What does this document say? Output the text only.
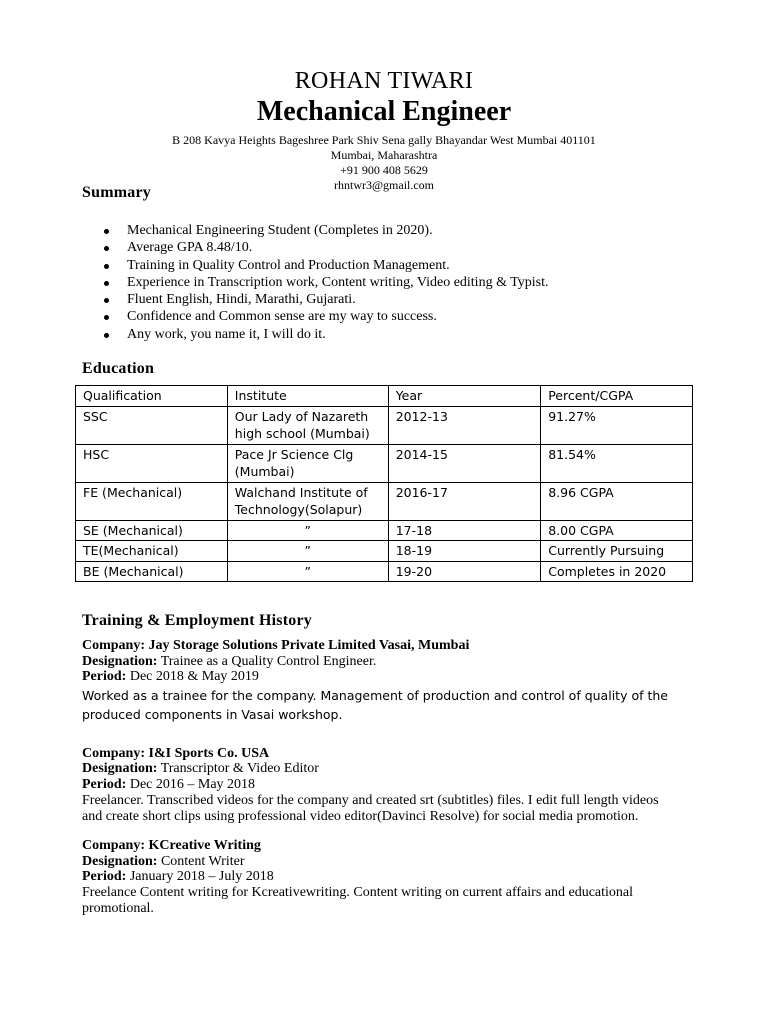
ROHAN TIWARI
Mechanical Engineer
B 208 Kavya Heights Bageshree Park Shiv Sena gally Bhayandar West Mumbai 401101
Mumbai, Maharashtra
+91 900 408 5629
rhntwr3@gmail.com
Summary
Mechanical Engineering Student (Completes in 2020).
Average GPA 8.48/10.
Training in Quality Control and Production Management.
Experience in Transcription work, Content writing, Video editing & Typist.
Fluent English, Hindi, Marathi, Gujarati.
Confidence and Common sense are my way to success.
Any work, you name it, I will do it.
Education
Qualification	Institute	Year	Percent/CGPA
SSC	Our Lady of Nazareth high school (Mumbai)	2012-13	91.27%
HSC	Pace Jr Science Clg (Mumbai)	2014-15	81.54%
FE (Mechanical)	Walchand Institute of Technology(Solapur)	2016-17	8.96 CGPA
SE (Mechanical)	”	17-18	8.00 CGPA
TE(Mechanical)	”	18-19	Currently Pursuing
BE (Mechanical)	”	19-20	Completes in 2020
Training & Employment History
Company: Jay Storage Solutions Private Limited Vasai, Mumbai
Designation: Trainee as a Quality Control Engineer.
Period: Dec 2018 & May 2019
Worked as a trainee for the company. Management of production and control of quality of the produced components in Vasai workshop.
Company: I&I Sports Co. USA
Designation: Transcriptor & Video Editor
Period: Dec 2016 – May 2018
Freelancer. Transcribed videos for the company and created srt (subtitles) files. I edit full length videos and create short clips using professional video editor(Davinci Resolve) for social media promotion.
Company: KCreative Writing
Designation: Content Writer
Period: January 2018 – July 2018
Freelance Content writing for Kcreativewriting. Content writing on current affairs and educational promotional.
